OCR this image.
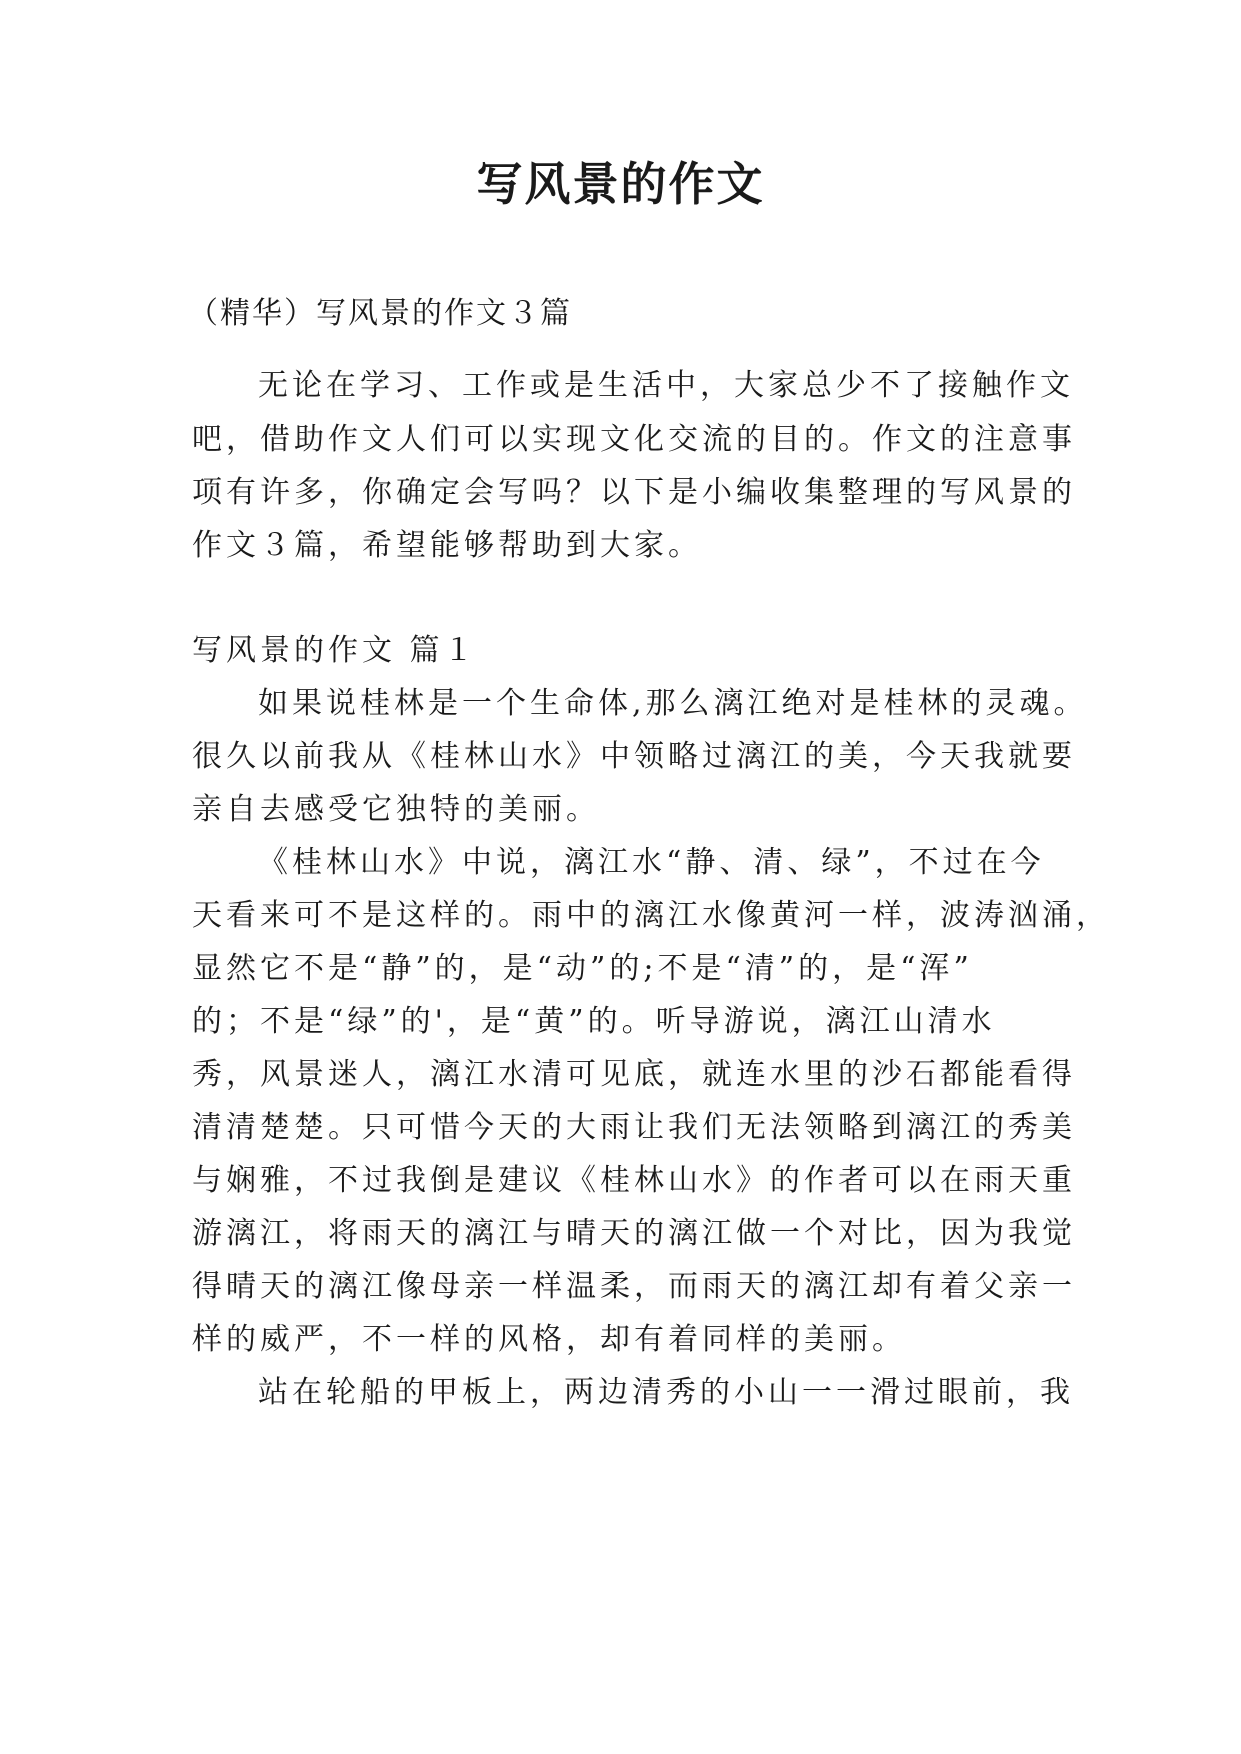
写风景的作文
（精华）写风景的作文３篇
无论在学习、工作或是生活中，大家总少不了接触作文
吧，借助作文人们可以实现文化交流的目的。作文的注意事
项有许多，你确定会写吗？以下是小编收集整理的写风景的
作文３篇，希望能够帮助到大家。
写风景的作文 篇１
如果说桂林是一个生命体,那么漓江绝对是桂林的灵魂。
很久以前我从《桂林山水》中领略过漓江的美，今天我就要
亲自去感受它独特的美丽。
《桂林山水》中说，漓江水“静、清、绿”，不过在今
天看来可不是这样的。雨中的漓江水像黄河一样，波涛汹涌，
显然它不是“静”的，是“动”的;不是“清”的，是“浑”
的；不是“绿”的'，是“黄”的。听导游说，漓江山清水
秀，风景迷人，漓江水清可见底，就连水里的沙石都能看得
清清楚楚。只可惜今天的大雨让我们无法领略到漓江的秀美
与娴雅，不过我倒是建议《桂林山水》的作者可以在雨天重
游漓江，将雨天的漓江与晴天的漓江做一个对比，因为我觉
得晴天的漓江像母亲一样温柔，而雨天的漓江却有着父亲一
样的威严，不一样的风格，却有着同样的美丽。
站在轮船的甲板上，两边清秀的小山一一滑过眼前，我
